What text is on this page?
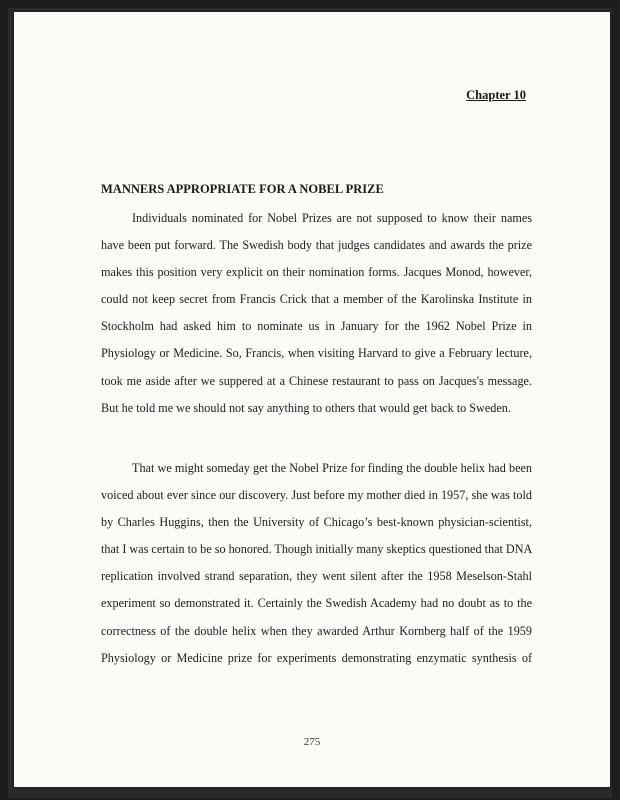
Chapter 10
MANNERS APPROPRIATE FOR A NOBEL PRIZE
Individuals nominated for Nobel Prizes are not supposed to know their names
have been put forward. The Swedish body that judges candidates and awards the prize
makes this position very explicit on their nomination forms. Jacques Monod, however,
could not keep secret from Francis Crick that a member of the Karolinska Institute in
Stockholm had asked him to nominate us in January for the 1962 Nobel Prize in
Physiology or Medicine. So, Francis, when visiting Harvard to give a February lecture,
took me aside after we suppered at a Chinese restaurant to pass on Jacques's message.
But he told me we should not say anything to others that would get back to Sweden.
That we might someday get the Nobel Prize for finding the double helix had been
voiced about ever since our discovery. Just before my mother died in 1957, she was told
by Charles Huggins, then the University of Chicago’s best-known physician-scientist,
that I was certain to be so honored. Though initially many skeptics questioned that DNA
replication involved strand separation, they went silent after the 1958 Meselson-Stahl
experiment so demonstrated it. Certainly the Swedish Academy had no doubt as to the
correctness of the double helix when they awarded Arthur Kornberg half of the 1959
Physiology or Medicine prize for experiments demonstrating enzymatic synthesis of
275
